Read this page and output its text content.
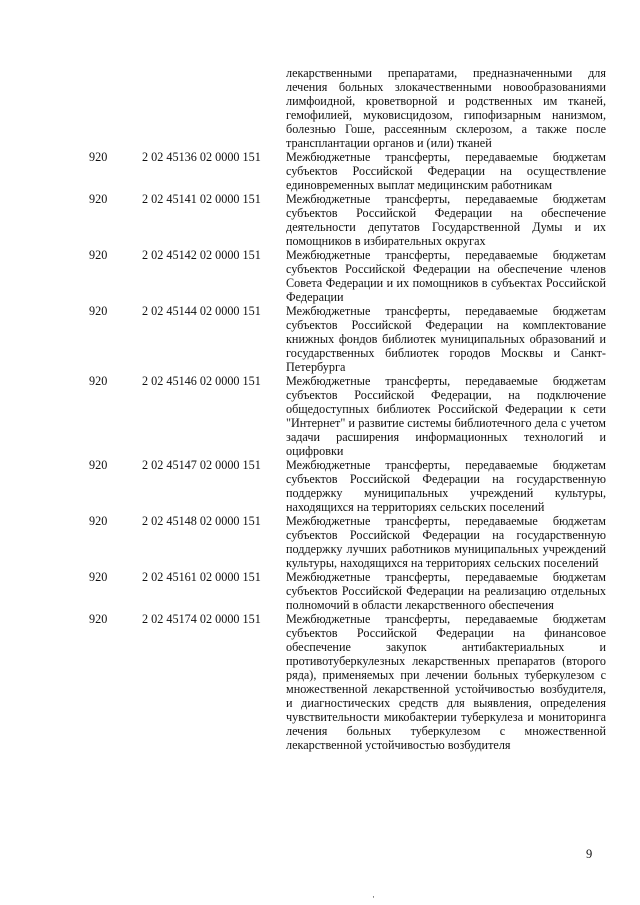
лекарственными препаратами, предназначенными для лечения больных злокачественными новообразованиями лимфоидной, кроветворной и родственных им тканей, гемофилией, муковисцидозом, гипофизарным нанизмом, болезнью Гоше, рассеянным склерозом, а также после трансплантации органов и (или) тканей
920	2 02 45136 02 0000 151	Межбюджетные трансферты, передаваемые бюджетам субъектов Российской Федерации на осуществление единовременных выплат медицинским работникам
920	2 02 45141 02 0000 151	Межбюджетные трансферты, передаваемые бюджетам субъектов Российской Федерации на обеспечение деятельности депутатов Государственной Думы и их помощников в избирательных округах
920	2 02 45142 02 0000 151	Межбюджетные трансферты, передаваемые бюджетам субъектов Российской Федерации на обеспечение членов Совета Федерации и их помощников в субъектах Российской Федерации
920	2 02 45144 02 0000 151	Межбюджетные трансферты, передаваемые бюджетам субъектов Российской Федерации на комплектование книжных фондов библиотек муниципальных образований и государственных библиотек городов Москвы и Санкт-Петербурга
920	2 02 45146 02 0000 151	Межбюджетные трансферты, передаваемые бюджетам субъектов Российской Федерации, на подключение общедоступных библиотек Российской Федерации к сети "Интернет" и развитие системы библиотечного дела с учетом задачи расширения информационных технологий и оцифровки
920	2 02 45147 02 0000 151	Межбюджетные трансферты, передаваемые бюджетам субъектов Российской Федерации на государственную поддержку муниципальных учреждений культуры, находящихся на территориях сельских поселений
920	2 02 45148 02 0000 151	Межбюджетные трансферты, передаваемые бюджетам субъектов Российской Федерации на государственную поддержку лучших работников муниципальных учреждений культуры, находящихся на территориях сельских поселений
920	2 02 45161 02 0000 151	Межбюджетные трансферты, передаваемые бюджетам субъектов Российской Федерации на реализацию отдельных полномочий в области лекарственного обеспечения
920	2 02 45174 02 0000 151	Межбюджетные трансферты, передаваемые бюджетам субъектов Российской Федерации на финансовое обеспечение закупок антибактериальных и противотуберкулезных лекарственных препаратов (второго ряда), применяемых при лечении больных туберкулезом с множественной лекарственной устойчивостью возбудителя, и диагностических средств для выявления, определения чувствительности микобактерии туберкулеза и мониторинга лечения больных туберкулезом с множественной лекарственной устойчивостью возбудителя
9
·
